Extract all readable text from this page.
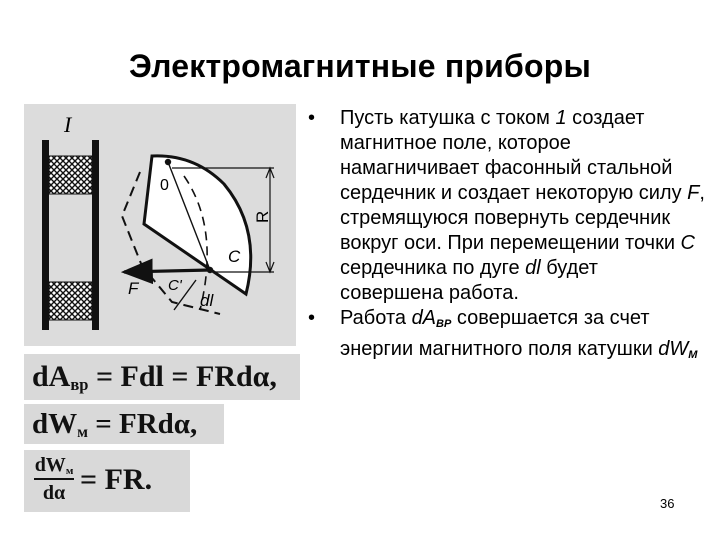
Электромагнитные приборы
I
0
R
C
C'
F
dl
$dA_{вр}$ = Fdl = FRdα,
$dW_м = FRd\alpha$,
$dW_м$
dα = FR.

• Пусть катушка с током 1 создает магнитное поле, которое намагничивает фасонный стальной сердечник и создает некоторую силу F, стремящуюся повернуть сердечник вокруг оси. При перемещении точки С сердечника по дуге dl будет совершена работа.

• Работа $dA_{ВР}$ совершается за счет энергии магнитного поля катушки $dW_М$

36
